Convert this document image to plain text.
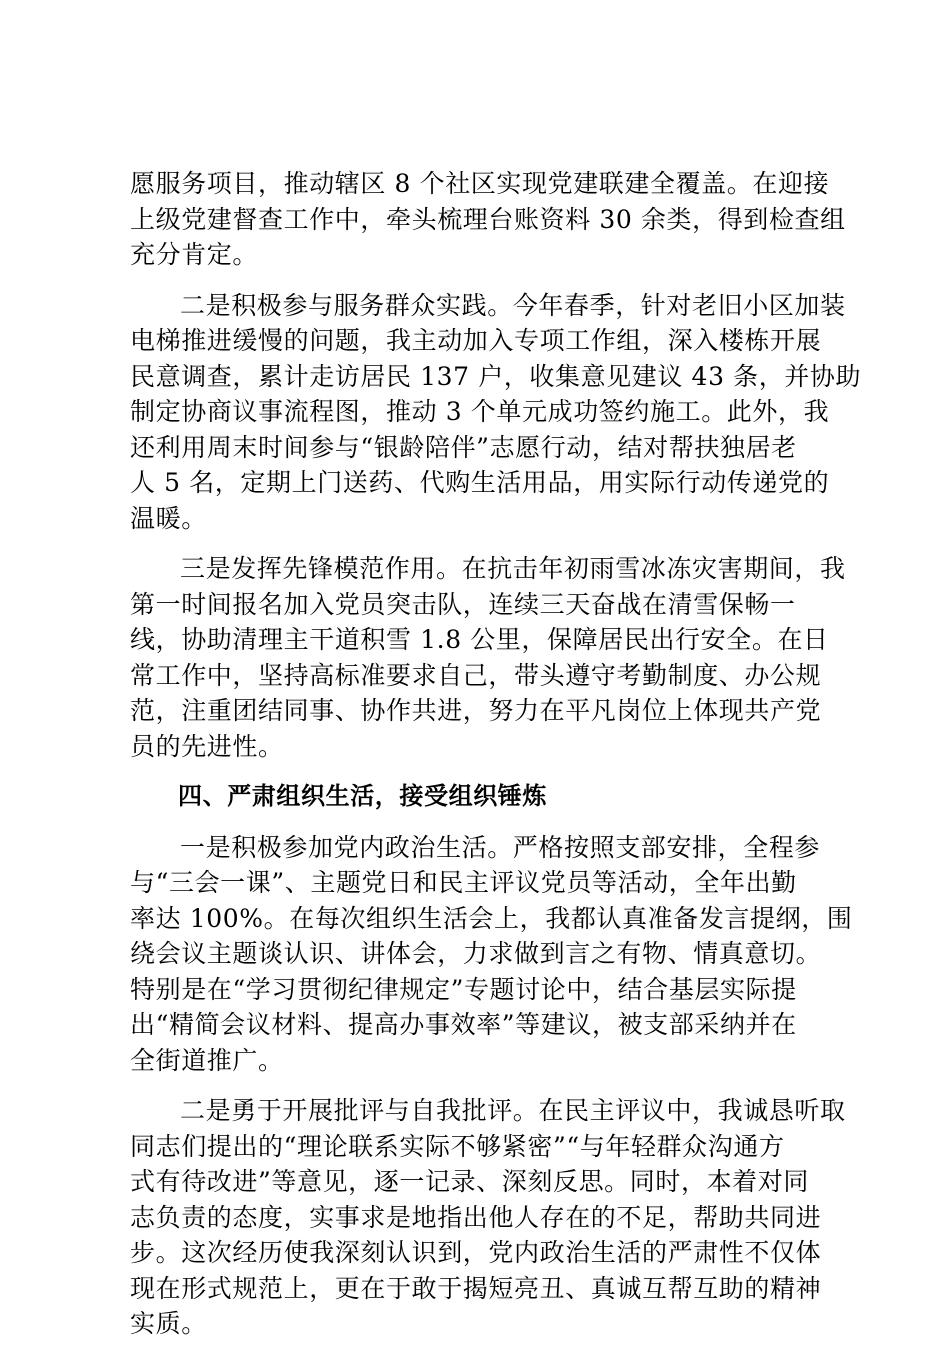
愿服务项目，推动辖区 8 个社区实现党建联建全覆盖。在迎接
上级党建督查工作中，牵头梳理台账资料 30 余类，得到检查组
充分肯定。
二是积极参与服务群众实践。今年春季，针对老旧小区加装
电梯推进缓慢的问题，我主动加入专项工作组，深入楼栋开展
民意调查，累计走访居民 137 户，收集意见建议 43 条，并协助
制定协商议事流程图，推动 3 个单元成功签约施工。此外，我
还利用周末时间参与“银龄陪伴”志愿行动，结对帮扶独居老
人 5 名，定期上门送药、代购生活用品，用实际行动传递党的
温暖。
三是发挥先锋模范作用。在抗击年初雨雪冰冻灾害期间，我
第一时间报名加入党员突击队，连续三天奋战在清雪保畅一
线，协助清理主干道积雪 1.8 公里，保障居民出行安全。在日
常工作中，坚持高标准要求自己，带头遵守考勤制度、办公规
范，注重团结同事、协作共进，努力在平凡岗位上体现共产党
员的先进性。
四、严肃组织生活，接受组织锤炼
一是积极参加党内政治生活。严格按照支部安排，全程参
与“三会一课”、主题党日和民主评议党员等活动，全年出勤
率达 100%。在每次组织生活会上，我都认真准备发言提纲，围
绕会议主题谈认识、讲体会，力求做到言之有物、情真意切。
特别是在“学习贯彻纪律规定”专题讨论中，结合基层实际提
出“精简会议材料、提高办事效率”等建议，被支部采纳并在
全街道推广。
二是勇于开展批评与自我批评。在民主评议中，我诚恳听取
同志们提出的“理论联系实际不够紧密”“与年轻群众沟通方
式有待改进”等意见，逐一记录、深刻反思。同时，本着对同
志负责的态度，实事求是地指出他人存在的不足，帮助共同进
步。这次经历使我深刻认识到，党内政治生活的严肃性不仅体
现在形式规范上，更在于敢于揭短亮丑、真诚互帮互助的精神
实质。
